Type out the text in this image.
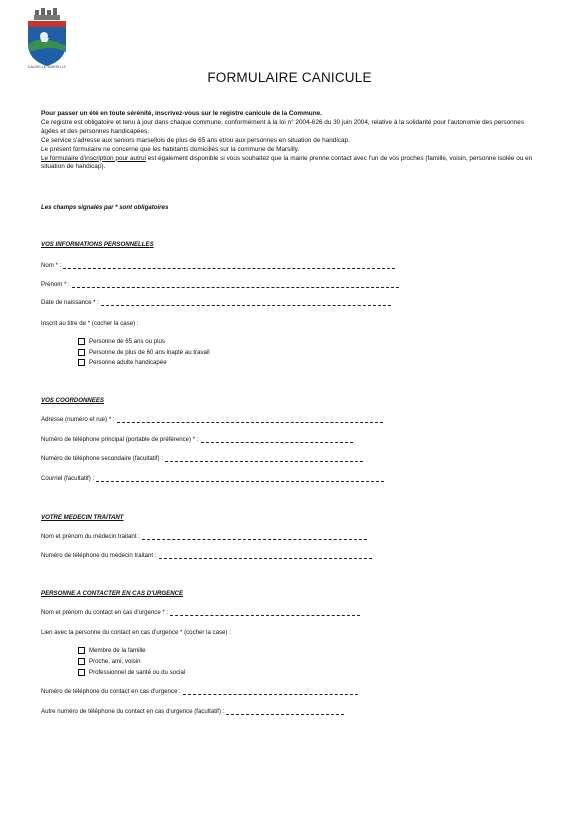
CAUVILLE MARSILLY
FORMULAIRE CANICULE

Pour passer un été en toute sérénité, inscrivez-vous sur le registre canicule de la Commune.

Ce registre est obligatoire et tenu à jour dans chaque commune, conformément à la loi n° 2004-626 du 30 juin 2004, relative à la solidarité pour l'autonomie des personnes âgées et des personnes handicapées.

Ce service s'adresse aux seniors marsellois de plus de 65 ans et/ou aux personnes en situation de handicap.

Le présent formulaire ne concerne que les habitants domiciliés sur la commune de Marsilly.

Le formulaire d'inscription pour autrui est également disponible si vous souhaitez que la mairie prenne contact avec l'un de vos proches (famille, voisin, personne isolée ou en situation de handicap).

Les champs signalés par * sont obligatoires
VOS INFORMATIONS PERSONNELLES
Nom * :
Prénom * :
Date de naissance * :
Inscrit au titre de * (cocher la case) :
Personne de 65 ans ou plus
Personne de plus de 60 ans inapte au travail
Personne adulte handicapée
VOS COORDONNEES
Adresse (numéro et rue) * :
Numéro de téléphone principal (portable de préférence) * :
Numéro de téléphone secondaire (facultatif) :
Courriel (facultatif) :
VOTRE MEDECIN TRAITANT
Nom et prénom du médecin traitant :
Numéro de téléphone du médecin traitant :
PERSONNE A CONTACTER EN CAS D'URGENCE
Nom et prénom du contact en cas d'urgence * :
Lien avec la personne du contact en cas d'urgence * (cocher la case) :
Membre de la famille
Proche, ami, voisin
Professionnel de santé ou du social
Numéro de téléphone du contact en cas d'urgence :
Autre numéro de téléphone du contact en cas d'urgence (facultatif) :
